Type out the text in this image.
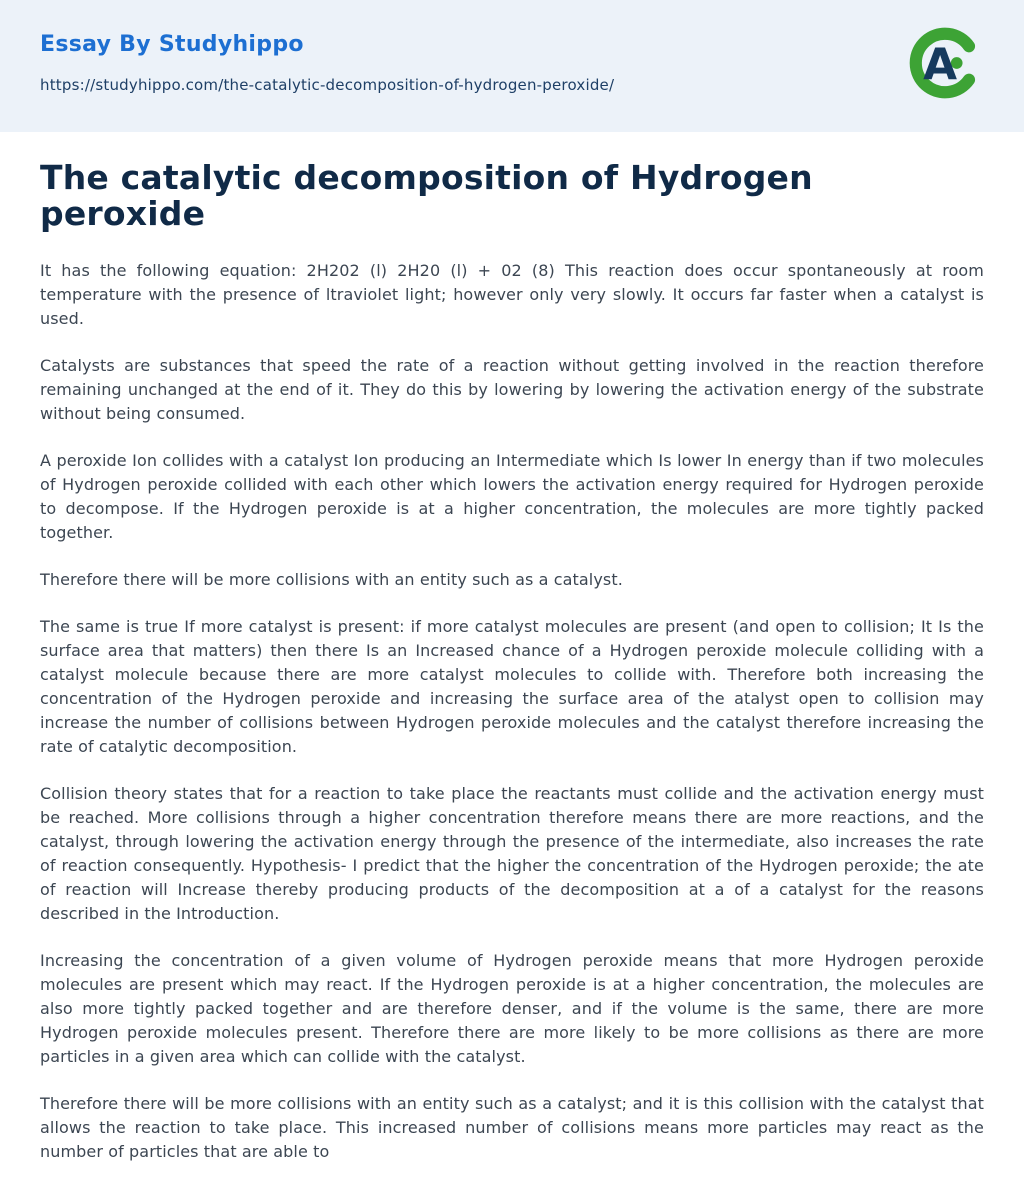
Essay By Studyhippo
https://studyhippo.com/the-catalytic-decomposition-of-hydrogen-peroxide/	A
The catalytic decomposition of Hydrogen peroxide

It has the following equation: 2H202 (l) 2H20 (l) + 02 (8) This reaction does occur spontaneously at room temperature with the presence of ltraviolet light; however only very slowly. It occurs far faster when a catalyst is used.

Catalysts are substances that speed the rate of a reaction without getting involved in the reaction therefore remaining unchanged at the end of it. They do this by lowering by lowering the activation energy of the substrate without being consumed.

A peroxide Ion collides with a catalyst Ion producing an Intermediate which Is lower In energy than if two molecules of Hydrogen peroxide collided with each other which lowers the activation energy required for Hydrogen peroxide to decompose. If the Hydrogen peroxide is at a higher concentration, the molecules are more tightly packed together.

Therefore there will be more collisions with an entity such as a catalyst.

The same is true If more catalyst is present: if more catalyst molecules are present (and open to collision; It Is the surface area that matters) then there Is an Increased chance of a Hydrogen peroxide molecule colliding with a catalyst molecule because there are more catalyst molecules to collide with. Therefore both increasing the concentration of the Hydrogen peroxide and increasing the surface area of the atalyst open to collision may increase the number of collisions between Hydrogen peroxide molecules and the catalyst therefore increasing the rate of catalytic decomposition.

Collision theory states that for a reaction to take place the reactants must collide and the activation energy must be reached. More collisions through a higher concentration therefore means there are more reactions, and the catalyst, through lowering the activation energy through the presence of the intermediate, also increases the rate of reaction consequently. Hypothesis- I predict that the higher the concentration of the Hydrogen peroxide; the ate of reaction will Increase thereby producing products of the decomposition at a of a catalyst for the reasons described in the Introduction.

Increasing the concentration of a given volume of Hydrogen peroxide means that more Hydrogen peroxide molecules are present which may react. If the Hydrogen peroxide is at a higher concentration, the molecules are also more tightly packed together and are therefore denser, and if the volume is the same, there are more Hydrogen peroxide molecules present. Therefore there are more likely to be more collisions as there are more particles in a given area which can collide with the catalyst.

Therefore there will be more collisions with an entity such as a catalyst; and it is this collision with the catalyst that allows the reaction to take place. This increased number of collisions means more particles may react as the number of particles that are able to
